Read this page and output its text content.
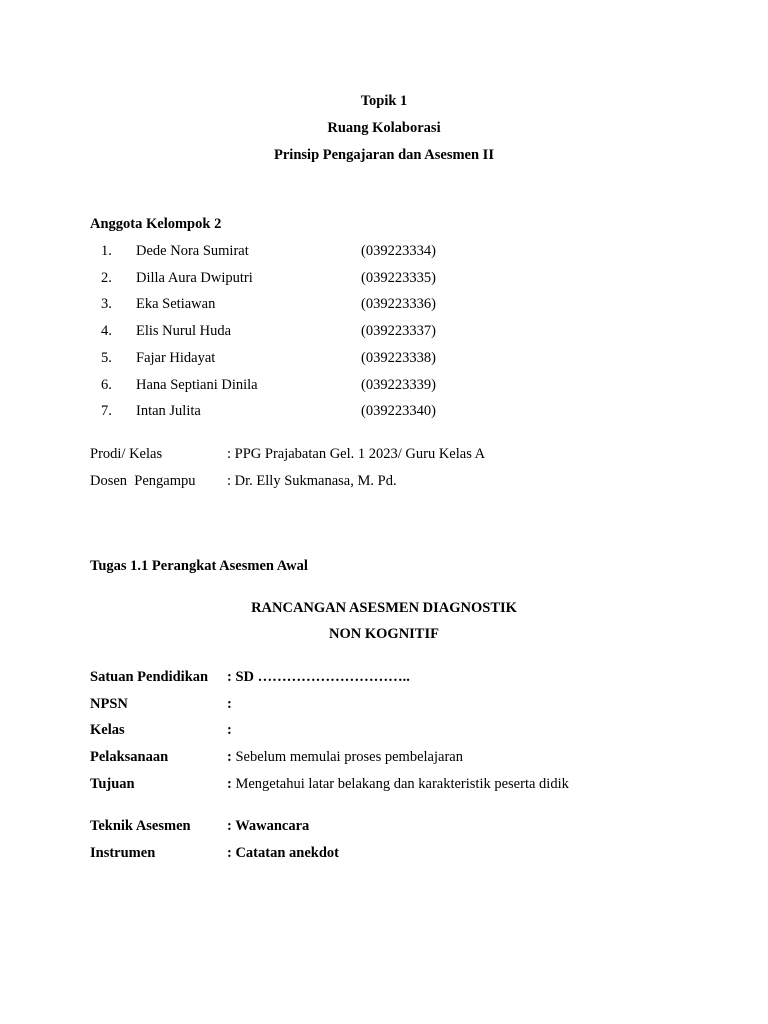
Topik 1
Ruang Kolaborasi
Prinsip Pengajaran dan Asesmen II
Anggota Kelompok 2
1. Dede Nora Sumirat	(039223334)
2. Dilla Aura Dwiputri	(039223335)
3. Eka Setiawan	(039223336)
4. Elis Nurul Huda	(039223337)
5. Fajar Hidayat	(039223338)
6. Hana Septiani Dinila	(039223339)
7. Intan Julita	(039223340)
Prodi/ Kelas	: PPG Prajabatan Gel. 1 2023/ Guru Kelas A
Dosen  Pengampu : Dr. Elly Sukmanasa, M. Pd.
Tugas 1.1 Perangkat Asesmen Awal
RANCANGAN ASESMEN DIAGNOSTIK
NON KOGNITIF
Satuan Pendidikan : SD …………………………..
NPSN	:
Kelas	:
Pelaksanaan	: Sebelum memulai proses pembelajaran
Tujuan	: Mengetahui latar belakang dan karakteristik peserta didik
Teknik Asesmen	: Wawancara
Instrumen	: Catatan anekdot
